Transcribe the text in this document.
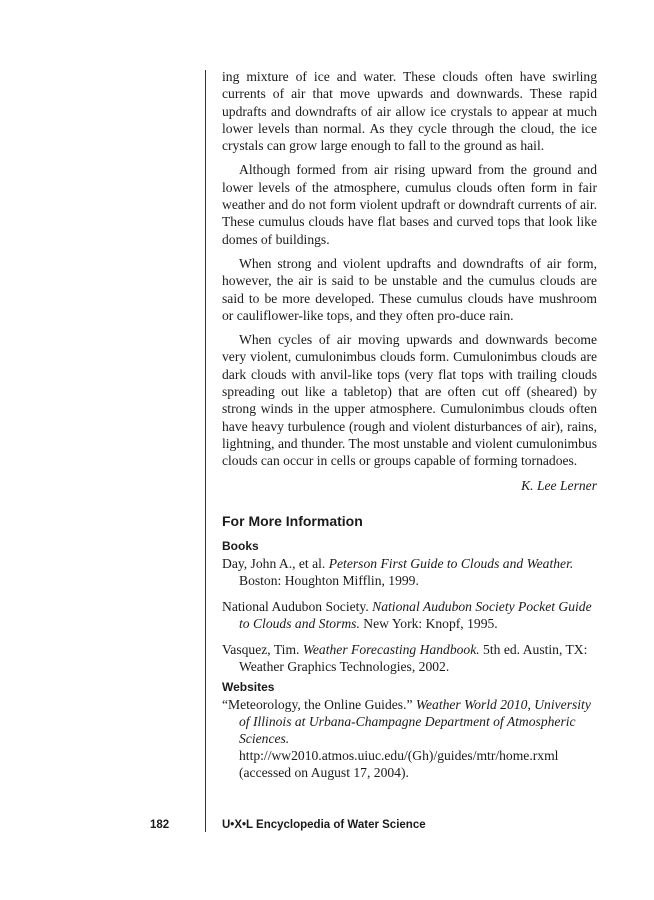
ing mixture of ice and water. These clouds often have swirling currents of air that move upwards and downwards. These rapid updrafts and downdrafts of air allow ice crystals to appear at much lower levels than normal. As they cycle through the cloud, the ice crystals can grow large enough to fall to the ground as hail.

Although formed from air rising upward from the ground and lower levels of the atmosphere, cumulus clouds often form in fair weather and do not form violent updraft or downdraft currents of air. These cumulus clouds have flat bases and curved tops that look like domes of buildings.

When strong and violent updrafts and downdrafts of air form, however, the air is said to be unstable and the cumulus clouds are said to be more developed. These cumulus clouds have mushroom or cauliflower-like tops, and they often pro-duce rain.

When cycles of air moving upwards and downwards become very violent, cumulonimbus clouds form. Cumulonimbus clouds are dark clouds with anvil-like tops (very flat tops with trailing clouds spreading out like a tabletop) that are often cut off (sheared) by strong winds in the upper atmosphere. Cumulonimbus clouds often have heavy turbulence (rough and violent disturbances of air), rains, lightning, and thunder. The most unstable and violent cumulonimbus clouds can occur in cells or groups capable of forming tornadoes.

K. Lee Lerner

For More Information
Books

Day, John A., et al. Peterson First Guide to Clouds and Weather. Boston: Houghton Mifflin, 1999.

National Audubon Society. National Audubon Society Pocket Guide to Clouds and Storms. New York: Knopf, 1995.

Vasquez, Tim. Weather Forecasting Handbook. 5th ed. Austin, TX: Weather Graphics Technologies, 2002.

Websites

“Meteorology, the Online Guides.” Weather World 2010, University of Illinois at Urbana-Champagne Department of Atmospheric Sciences. http://ww2010.atmos.uiuc.edu/(Gh)/guides/mtr/home.rxml (accessed on August 17, 2004).

182	U•X•L Encyclopedia of Water Science
